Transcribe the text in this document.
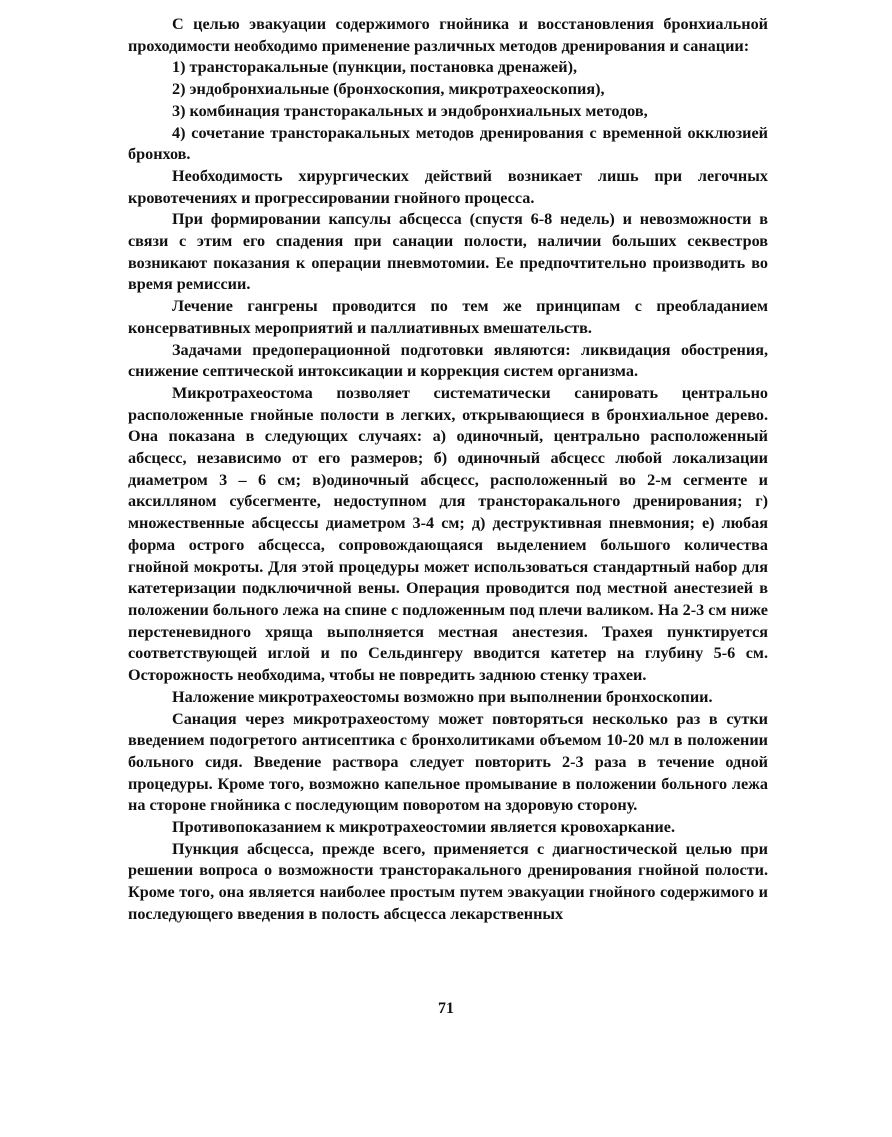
С целью эвакуации содержимого гнойника и восстановления бронхиальной проходимости необходимо применение различных методов дренирования и санации:

1) трансторакальные (пункции, постановка дренажей),

2) эндобронхиальные (бронхоскопия, микротрахеоскопия),

3) комбинация трансторакальных и эндобронхиальных методов,

4) сочетание трансторакальных методов дренирования с временной окклюзией бронхов.

Необходимость хирургических действий возникает лишь при легочных кровотечениях и прогрессировании гнойного процесса.

При формировании капсулы абсцесса (спустя 6-8 недель) и невозможности в связи с этим его спадения при санации полости, наличии больших секвестров возникают показания к операции пневмотомии. Ее предпочтительно производить во время ремиссии.

Лечение гангрены проводится по тем же принципам с преобладанием консервативных мероприятий и паллиативных вмешательств.

Задачами предоперационной подготовки являются: ликвидация обострения, снижение септической интоксикации и коррекция систем организма.

Микротрахеостома позволяет систематически санировать центрально расположенные гнойные полости в легких, открывающиеся в бронхиальное дерево. Она показана в следующих случаях: а) одиночный, центрально расположенный абсцесс, независимо от его размеров; б) одиночный абсцесс любой локализации диаметром 3 – 6 см; в)одиночный абсцесс, расположенный во 2-м сегменте и аксилляном субсегменте, недоступном для трансторакального дренирования; г) множественные абсцессы диаметром 3-4 см; д) деструктивная пневмония; е) любая форма острого абсцесса, сопровождающаяся выделением большого количества гнойной мокроты. Для этой процедуры может использоваться стандартный набор для катетеризации подключичной вены. Операция проводится под местной анестезией в положении больного лежа на спине с подложенным под плечи валиком. На 2-3 см ниже перстеневидного хряща выполняется местная анестезия. Трахея пунктируется соответствующей иглой и по Сельдингеру вводится катетер на глубину 5-6 см. Осторожность необходима, чтобы не повредить заднюю стенку трахеи.

Наложение микротрахеостомы возможно при выполнении бронхоскопии.

Санация через микротрахеостому может повторяться несколько раз в сутки введением подогретого антисептика с бронхолитиками объемом 10-20 мл в положении больного сидя. Введение раствора следует повторить 2-3 раза в течение одной процедуры. Кроме того, возможно капельное промывание в положении больного лежа на стороне гнойника с последующим поворотом на здоровую сторону.

Противопоказанием к микротрахеостомии является кровохаркание.

Пункция абсцесса, прежде всего, применяется с диагностической целью при решении вопроса о возможности трансторакального дренирования гнойной полости. Кроме того, она является наиболее простым путем эвакуации гнойного содержимого и последующего введения в полость абсцесса лекарственных

71
